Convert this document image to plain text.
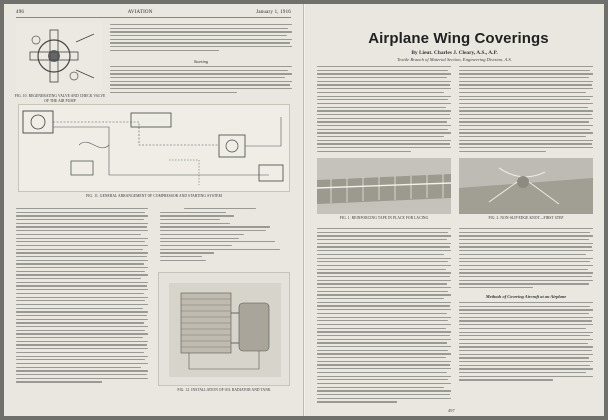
496	AVIATION	January 1, 1916
FIG. 10. REGENERATING VALVE AND CHECK VALVE OF THE AIR PUMP
Starting
FIG. 11. GENERAL ARRANGEMENT OF COMPRESSOR AND STARTING SYSTEM
FIG. 12. INSTALLATION OF OIL RADIATOR AND TANK
Airplane Wing Coverings
By Lieut. Charles J. Cleary, A.S., A.P.
Textile Branch of Material Section, Engineering Division, A.S.
FIG. 1. REINFORCING TAPE IN PLACE FOR LACING	FIG. 2. NON-SLIP EDGE KNOT—FIRST STEP
Methods of Covering Aircraft at an Airplane
497
